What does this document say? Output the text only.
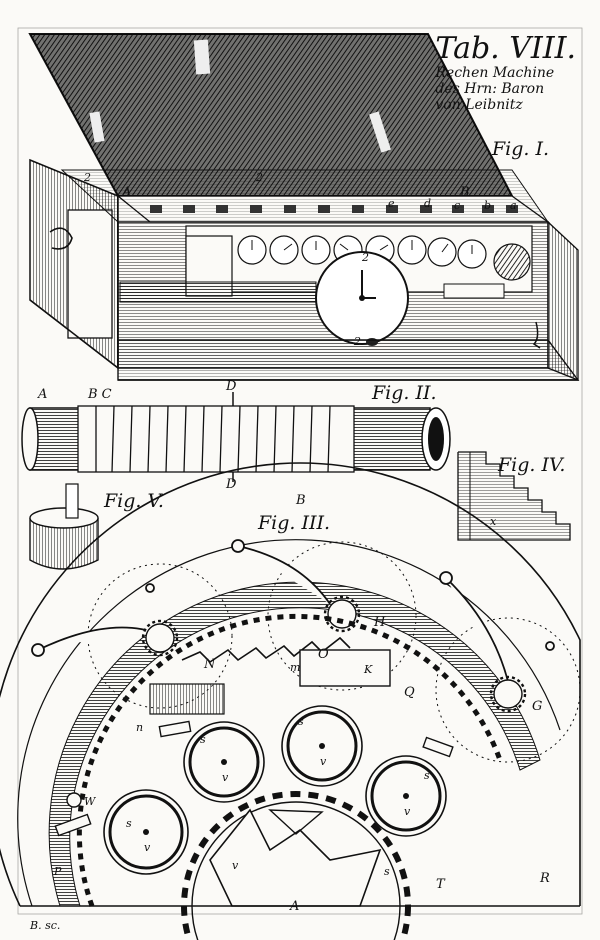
Tab. VIII.
Rechen Machine
des Hrn: Baron
von Leibnitz
Fig. I.
A	B
a
b
c
d
e
2	2
2
2
Fig. II.
A	B C
D
D
Fig. IV.
x
Fig. V.
Fig. III.
B
H
G
N
O
K
m
Q
n
W
P	R
T
A
s
s
s
s
s
v
v
v
v
v
B. sc.
